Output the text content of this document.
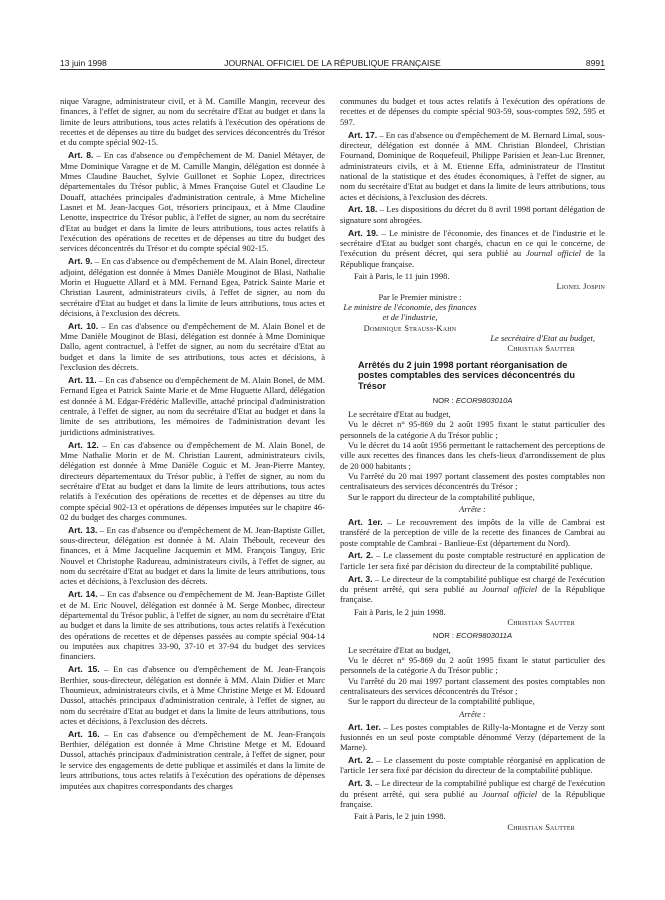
13 juin 1998	JOURNAL OFFICIEL DE LA RÉPUBLIQUE FRANÇAISE	8991

nique Varagne, administrateur civil, et à M. Camille Mangin, receveur des finances, à l'effet de signer, au nom du secrétaire d'Etat au budget et dans la limite de leurs attributions, tous actes relatifs à l'exécution des opérations de recettes et de dépenses au titre du budget des services déconcentrés du Trésor et du compte spécial 902-15.

Art. 8. – En cas d'absence ou d'empêchement de M. Daniel Métayer, de Mme Dominique Varagne et de M. Camille Mangin, délégation est donnée à Mmes Claudine Bauchet, Sylvie Guillonet et Sophie Lopez, directrices départementales du Trésor public, à Mmes Françoise Gutel et Claudine Le Douaff, attachées principales d'administration centrale, à Mme Micheline Lasnet et M. Jean-Jacques Got, trésoriers principaux, et à Mme Claudine Lenotte, inspectrice du Trésor public, à l'effet de signer, au nom du secrétaire d'Etat au budget et dans la limite de leurs attributions, tous actes relatifs à l'exécution des opérations de recettes et de dépenses au titre du budget des services déconcentrés du Trésor et du compte spécial 902-15.

Art. 9. – En cas d'absence ou d'empêchement de M. Alain Bonel, directeur adjoint, délégation est donnée à Mmes Danièle Mouginot de Blasi, Nathalie Morin et Huguette Allard et à MM. Fernand Egea, Patrick Sainte Marie et Christian Laurent, administrateurs civils, à l'effet de signer, au nom du secrétaire d'Etat au budget et dans la limite de leurs attributions, tous actes et décisions, à l'exclusion des décrets.

Art. 10. – En cas d'absence ou d'empêchement de M. Alain Bonel et de Mme Danièle Mouginot de Blasi, délégation est donnée à Mme Dominique Dallo, agent contractuel, à l'effet de signer, au nom du secrétaire d'Etat au budget et dans la limite de ses attributions, tous actes et décisions, à l'exclusion des décrets.

Art. 11. – En cas d'absence ou d'empêchement de M. Alain Bonel, de MM. Fernand Egea et Patrick Sainte Marie et de Mme Huguette Allard, délégation est donnée à M. Edgar-Frédéric Malleville, attaché principal d'administration centrale, à l'effet de signer, au nom du secrétaire d'Etat au budget et dans la limite de ses attributions, les mémoires de l'administration devant les juridictions administratives.

Art. 12. – En cas d'absence ou d'empêchement de M. Alain Bonel, de Mme Nathalie Morin et de M. Christian Laurent, administrateurs civils, délégation est donnée à Mme Danièle Coguic et M. Jean-Pierre Mantey, directeurs départementaux du Trésor public, à l'effet de signer, au nom du secrétaire d'Etat au budget et dans la limite de leurs attributions, tous actes relatifs à l'exécution des opérations de recettes et de dépenses au titre du compte spécial 902-13 et opérations de dépenses imputées sur le chapitre 46-02 du budget des charges communes.

Art. 13. – En cas d'absence ou d'empêchement de M. Jean-Baptiste Gillet, sous-directeur, délégation est donnée à M. Alain Théboult, receveur des finances, et à Mme Jacqueline Jacquemin et MM. François Tanguy, Eric Nouvel et Christophe Radureau, administrateurs civils, à l'effet de signer, au nom du secrétaire d'Etat au budget et dans la limite de leurs attributions, tous actes et décisions, à l'exclusion des décrets.

Art. 14. – En cas d'absence ou d'empêchement de M. Jean-Baptiste Gillet et de M. Eric Nouvel, délégation est donnée à M. Serge Monbec, directeur départemental du Trésor public, à l'effet de signer, au nom du secrétaire d'Etat au budget et dans la limite de ses attributions, tous actes relatifs à l'exécution des opérations de recettes et de dépenses passées au compte spécial 904-14 ou imputées aux chapitres 33-90, 37-10 et 37-94 du budget des services financiers.

Art. 15. – En cas d'absence ou d'empêchement de M. Jean-François Berthier, sous-directeur, délégation est donnée à MM. Alain Didier et Marc Thoumieux, administrateurs civils, et à Mme Christine Metge et M. Edouard Dussol, attachés principaux d'administration centrale, à l'effet de signer, au nom du secrétaire d'Etat au budget et dans la limite de leurs attributions, tous actes et décisions, à l'exclusion des décrets.

Art. 16. – En cas d'absence ou d'empêchement de M. Jean-François Berthier, délégation est donnée à Mme Christine Metge et M. Edouard Dussol, attachés principaux d'administration centrale, à l'effet de signer, pour le service des engagements de dette publique et assimilés et dans la limite de leurs attributions, tous actes relatifs à l'exécution des opérations de dépenses imputées aux chapitres correspondants des charges

communes du budget et tous actes relatifs à l'exécution des opérations de recettes et de dépenses du compte spécial 903-59, sous-comptes 592, 595 et 597.

Art. 17. – En cas d'absence ou d'empêchement de M. Bernard Limal, sous-directeur, délégation est donnée à MM. Christian Blondeel, Christian Fournand, Dominique de Roquefeuil, Philippe Parisien et Jean-Luc Brenner, administrateurs civils, et à M. Etienne Effa, administrateur de l'Institut national de la statistique et des études économiques, à l'effet de signer, au nom du secrétaire d'Etat au budget et dans la limite de leurs attributions, tous actes et décisions, à l'exclusion des décrets.

Art. 18. – Les dispositions du décret du 8 avril 1998 portant délégation de signature sont abrogées.

Art. 19. – Le ministre de l'économie, des finances et de l'industrie et le secrétaire d'Etat au budget sont chargés, chacun en ce qui le concerne, de l'exécution du présent décret, qui sera publié au Journal officiel de la République française.

Fait à Paris, le 11 juin 1998.

Lionel Jospin

Par le Premier ministre :

Le ministre de l'économie, des finances et de l'industrie,

Dominique Strauss-Kahn

Le secrétaire d'Etat au budget,

Christian Sautter

Arrêtés du 2 juin 1998 portant réorganisation de postes comptables des services déconcentrés du Trésor

NOR : ECOR9803010A

Le secrétaire d'Etat au budget,

Vu le décret n° 95-869 du 2 août 1995 fixant le statut particulier des personnels de la catégorie A du Trésor public ;

Vu le décret du 14 août 1956 permettant le rattachement des perceptions de ville aux recettes des finances dans les chefs-lieux d'arrondissement de plus de 20 000 habitants ;

Vu l'arrêté du 20 mai 1997 portant classement des postes comptables non centralisateurs des services déconcentrés du Trésor ;

Sur le rapport du directeur de la comptabilité publique,

Arrête :

Art. 1er. – Le recouvrement des impôts de la ville de Cambrai est transféré de la perception de ville de la recette des finances de Cambrai au poste comptable de Cambrai - Banlieue-Est (département du Nord).

Art. 2. – Le classement du poste comptable restructuré en application de l'article 1er sera fixé par décision du directeur de la comptabilité publique.

Art. 3. – Le directeur de la comptabilité publique est chargé de l'exécution du présent arrêté, qui sera publié au Journal officiel de la République française.

Fait à Paris, le 2 juin 1998.

Christian Sautter

NOR : ECOR9803011A

Le secrétaire d'Etat au budget,

Vu le décret n° 95-869 du 2 août 1995 fixant le statut particulier des personnels de la catégorie A du Trésor public ;

Vu l'arrêté du 20 mai 1997 portant classement des postes comptables non centralisateurs des services déconcentrés du Trésor ;

Sur le rapport du directeur de la comptabilité publique,

Arrête :

Art. 1er. – Les postes comptables de Rilly-la-Montagne et de Verzy sont fusionnés en un seul poste comptable dénommé Verzy (département de la Marne).

Art. 2. – Le classement du poste comptable réorganisé en application de l'article 1er sera fixé par décision du directeur de la comptabilité publique.

Art. 3. – Le directeur de la comptabilité publique est chargé de l'exécution du présent arrêté, qui sera publié au Journal officiel de la République française.

Fait à Paris, le 2 juin 1998.

Christian Sautter
